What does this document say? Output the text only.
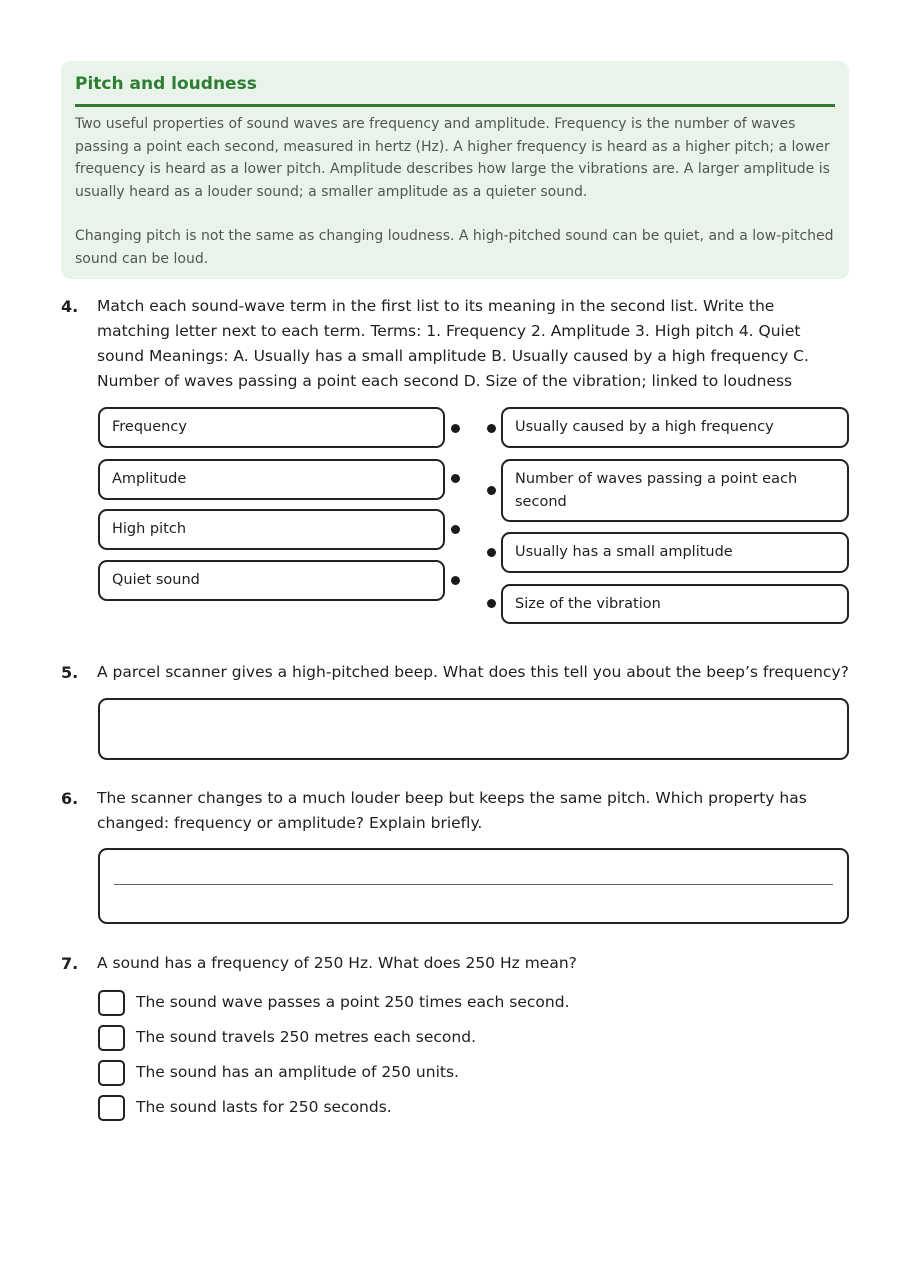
Pitch and loudness

Two useful properties of sound waves are frequency and amplitude. Frequency is the number of waves passing a point each second, measured in hertz (Hz). A higher frequency is heard as a higher pitch; a lower frequency is heard as a lower pitch. Amplitude describes how large the vibrations are. A larger amplitude is usually heard as a louder sound; a smaller amplitude as a quieter sound.

Changing pitch is not the same as changing loudness. A high-pitched sound can be quiet, and a low-pitched sound can be loud.

4. Match each sound-wave term in the first list to its meaning in the second list. Write the matching letter next to each term. Terms: 1. Frequency 2. Amplitude 3. High pitch 4. Quiet sound Meanings: A. Usually has a small amplitude B. Usually caused by a high frequency C. Number of waves passing a point each second D. Size of the vibration; linked to loudness
Frequency
Amplitude
High pitch
Quiet sound
Usually caused by a high frequency
Number of waves passing a point each second
Usually has a small amplitude
Size of the vibration
5. A parcel scanner gives a high-pitched beep. What does this tell you about the beep’s frequency?
6. The scanner changes to a much louder beep but keeps the same pitch. Which property has changed: frequency or amplitude? Explain briefly.
7. A sound has a frequency of 250 Hz. What does 250 Hz mean?
The sound wave passes a point 250 times each second.
The sound travels 250 metres each second.
The sound has an amplitude of 250 units.
The sound lasts for 250 seconds.
